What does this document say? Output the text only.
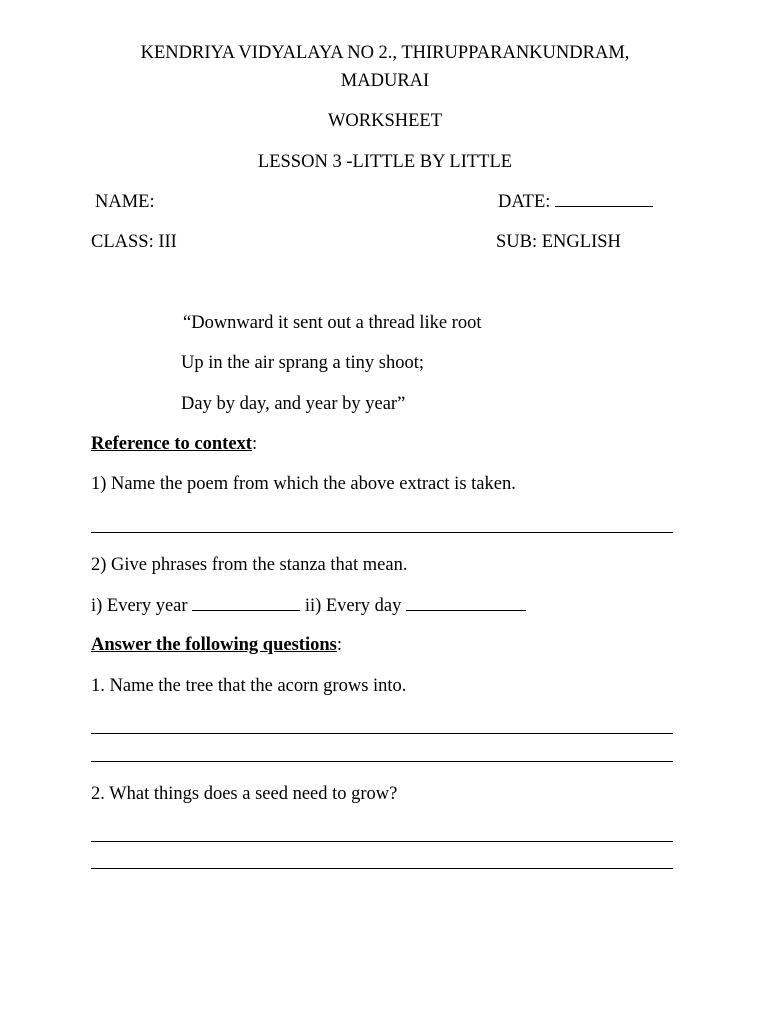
KENDRIYA VIDYALAYA NO 2., THIRUPPARANKUNDRAM,
MADURAI
WORKSHEET
LESSON 3 -LITTLE BY LITTLE
NAME:	DATE:
CLASS: III	SUB: ENGLISH
“Downward it sent out a thread like root
Up in the air sprang a tiny shoot;
Day by day, and year by year”
Reference to context:
1) Name the poem from which the above extract is taken.
2) Give phrases from the stanza that mean.
i) Every year	ii) Every day
Answer the following questions:
1. Name the tree that the acorn grows into.
2. What things does a seed need to grow?
